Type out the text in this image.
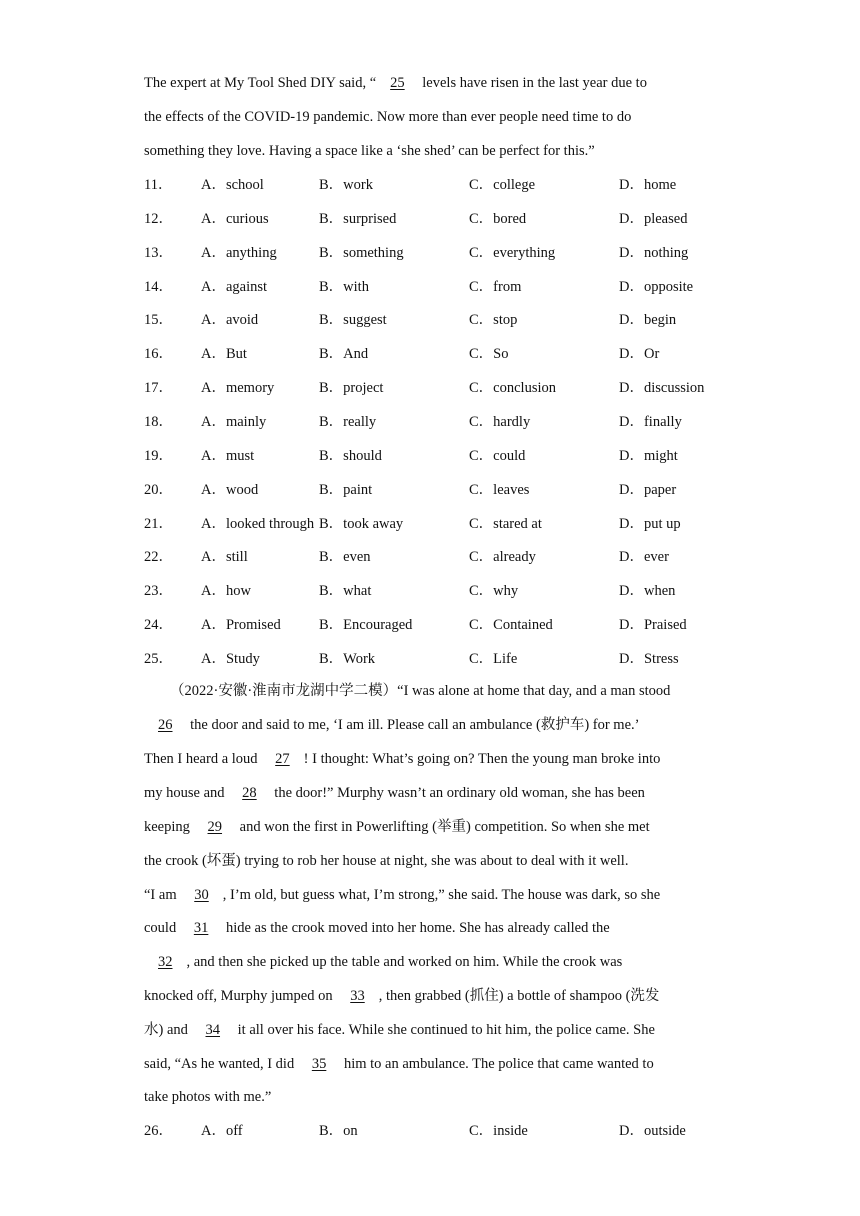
The expert at My Tool Shed DIY said, “ 25 levels have risen in the last year due to
the effects of the COVID-19 pandemic. Now more than ever people need time to do
something they love. Having a space like a ‘she shed’ can be perfect for this.”
11． A．school	B．work	C．college	D．home
12． A．curious	B．surprised	C．bored	D．pleased
13． A．anything	B．something	C．everything	D．nothing
14． A．against	B．with	C．from	D．opposite
15． A．avoid	B．suggest	C．stop	D．begin
16． A．But	B．And	C．So	D．Or
17． A．memory	B．project	C．conclusion	D．discussion
18． A．mainly	B．really	C．hardly	D．finally
19． A．must	B．should	C．could	D．might
20． A．wood	B．paint	C．leaves	D．paper
21． A．looked through B．took away	C．stared at	D．put up
22． A．still	B．even	C．already	D．ever
23． A．how	B．what	C．why	D．when
24． A．Promised	B．Encouraged	C．Contained	D．Praised
25． A．Study	B．Work	C．Life	D．Stress
（2022·安徽·淮南市龙湖中学二模）“I was alone at home that day, and a man stood
26 the door and said to me, ‘I am ill. Please call an ambulance (救护车) for me.’
Then I heard a loud 27 ! I thought: What’s going on? Then the young man broke into
my house and 28 the door!” Murphy wasn’t an ordinary old woman, she has been
keeping 29 and won the first in Powerlifting (举重) competition. So when she met
the crook (坏蛋) trying to rob her house at night, she was about to deal with it well.
“I am 30 , I’m old, but guess what, I’m strong,” she said. The house was dark, so she
could 31 hide as the crook moved into her home. She has already called the
32 , and then she picked up the table and worked on him. While the crook was
knocked off, Murphy jumped on 33 , then grabbed (抓住) a bottle of shampoo (洗发
水) and 34 it all over his face. While she continued to hit him, the police came. She
said, “As he wanted, I did 35 him to an ambulance. The police that came wanted to
take photos with me.”
26． A．off	B．on	C．inside	D．outside
